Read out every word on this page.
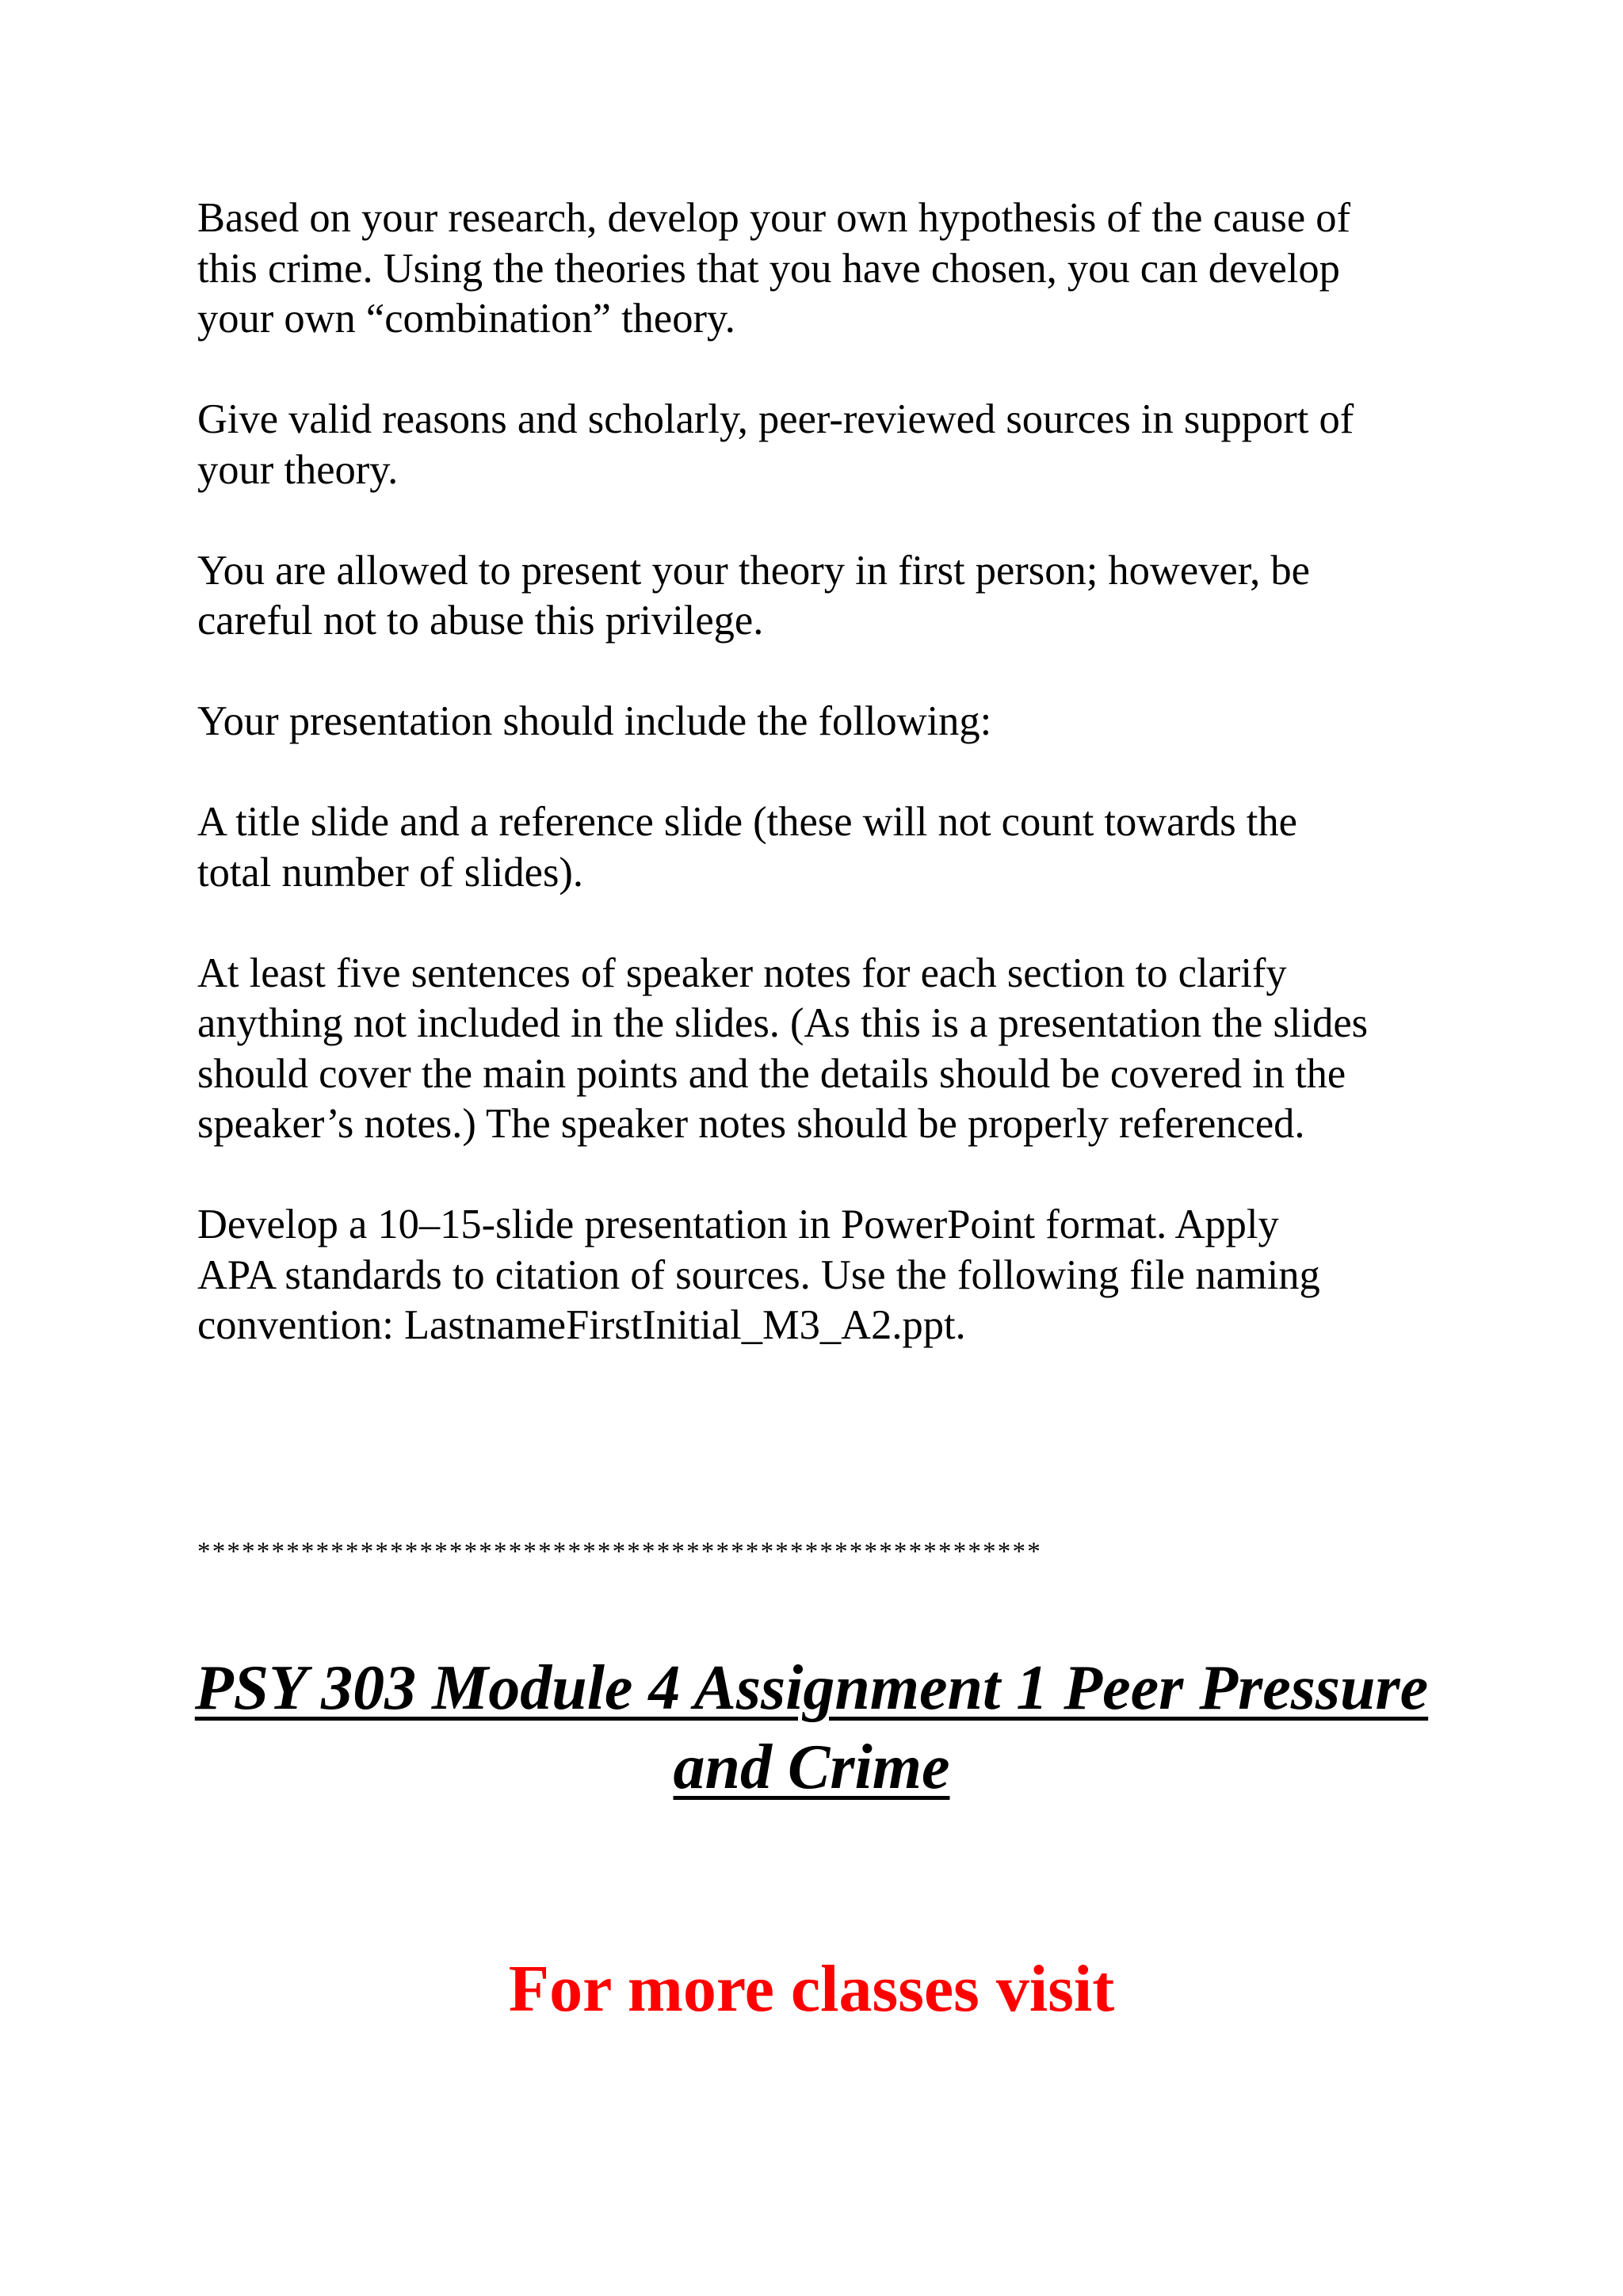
Based on your research, develop your own hypothesis of the cause of
this crime. Using the theories that you have chosen, you can develop
your own “combination” theory.

Give valid reasons and scholarly, peer-reviewed sources in support of
your theory.

You are allowed to present your theory in first person; however, be
careful not to abuse this privilege.

Your presentation should include the following:

A title slide and a reference slide (these will not count towards the
total number of slides).

At least five sentences of speaker notes for each section to clarify
anything not included in the slides. (As this is a presentation the slides
should cover the main points and the details should be covered in the
speaker’s notes.) The speaker notes should be properly referenced.

Develop a 10–15-slide presentation in PowerPoint format. Apply
APA standards to citation of sources. Use the following file naming
convention: LastnameFirstInitial_M3_A2.ppt.

*********************************************************
PSY 303 Module 4 Assignment 1 Peer Pressure
and Crime
For more classes visit
